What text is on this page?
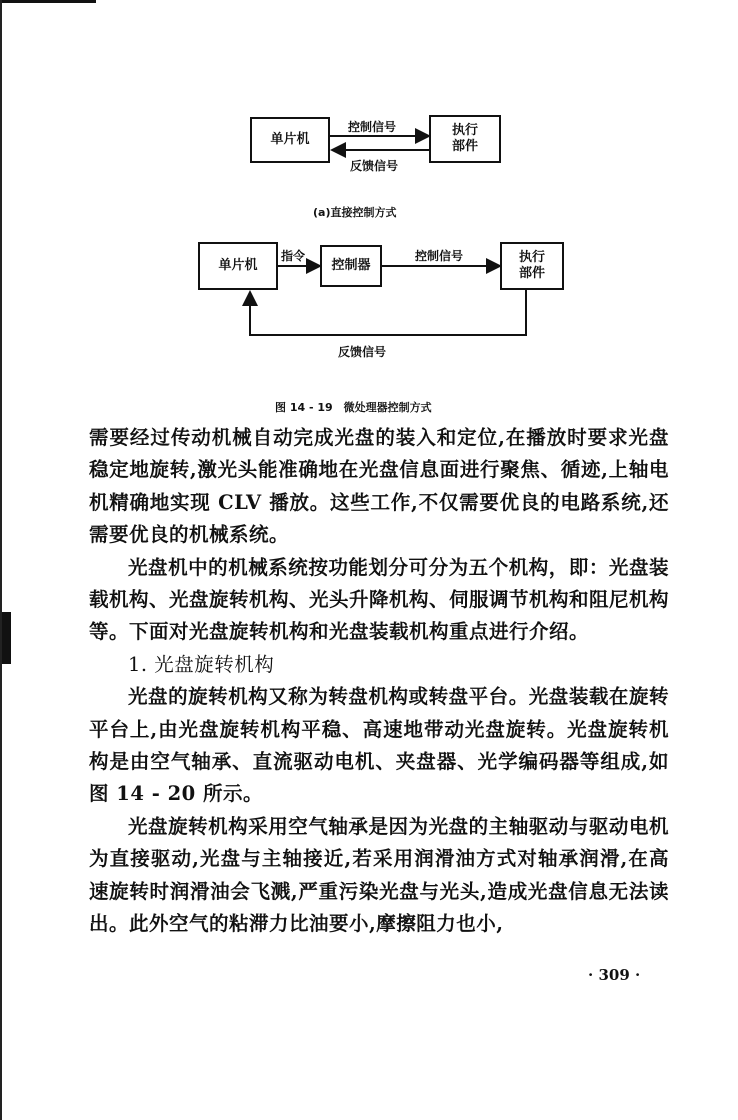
单片机
执行
部件
控制信号
反馈信号
(a)直接控制方式
单片机	控制器
执行
部件
指令	控制信号
反馈信号
图 14 - 19　微处理器控制方式

需要经过传动机械自动完成光盘的装入和定位,在播放时要求光盘稳定地旋转,激光头能准确地在光盘信息面进行聚焦、循迹,上轴电机精确地实现 CLV 播放。这些工作,不仅需要优良的电路系统,还需要优良的机械系统。

光盘机中的机械系统按功能划分可分为五个机构，即：光盘装载机构、光盘旋转机构、光头升降机构、伺服调节机构和阻尼机构等。下面对光盘旋转机构和光盘装载机构重点进行介绍。

1. 光盘旋转机构

光盘的旋转机构又称为转盘机构或转盘平台。光盘装载在旋转平台上,由光盘旋转机构平稳、高速地带动光盘旋转。光盘旋转机构是由空气轴承、直流驱动电机、夹盘器、光学编码器等组成,如图 14 - 20 所示。

光盘旋转机构采用空气轴承是因为光盘的主轴驱动与驱动电机为直接驱动,光盘与主轴接近,若采用润滑油方式对轴承润滑,在高速旋转时润滑油会飞溅,严重污染光盘与光头,造成光盘信息无法读出。此外空气的粘滞力比油要小,摩擦阻力也小,

· 309 ·
